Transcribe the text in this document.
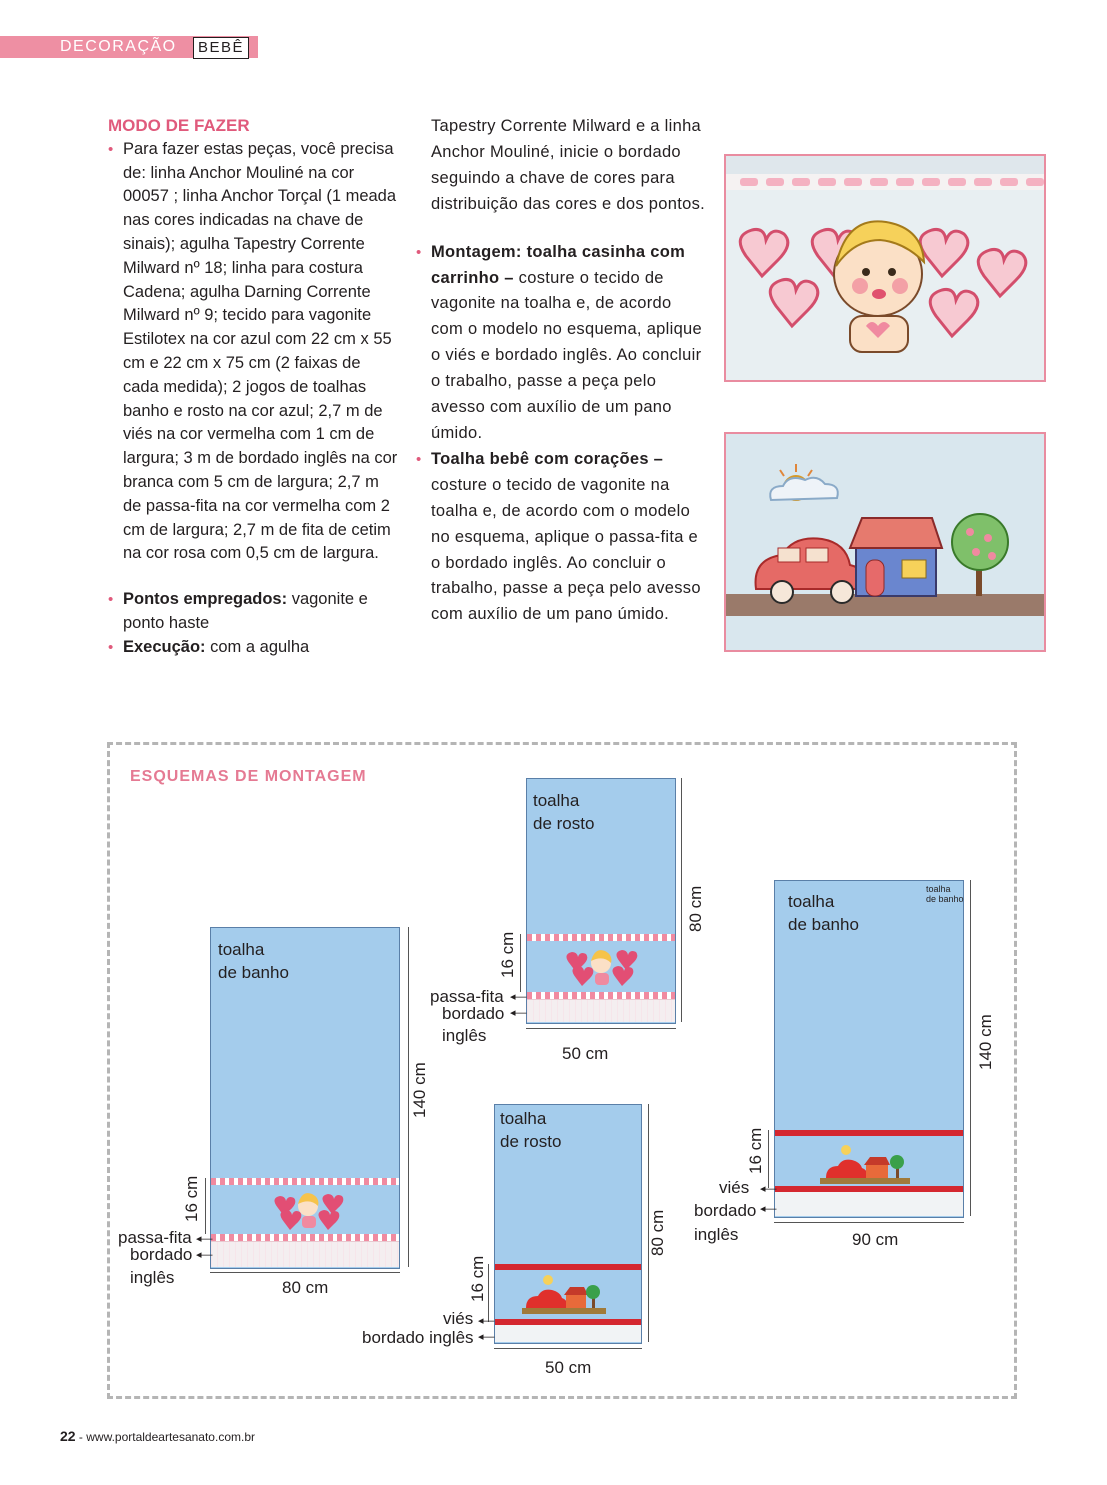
DECORAÇÃO	BEBÊ
MODO DE FAZER
• Para fazer estas peças, você precisa de: linha Anchor Mouliné na cor 00057 ; linha Anchor Torçal (1 meada nas cores indicadas na chave de sinais); agulha Tapestry Corrente Milward nº 18; linha para costura Cadena; agulha Darning Corrente Milward nº 9; tecido para vagonite Estilotex na cor azul com 22 cm x 55 cm e 22 cm x 75 cm (2 faixas de cada medida); 2 jogos de toalhas banho e rosto na cor azul; 2,7 m de viés na cor vermelha com 1 cm de largura; 3 m de bordado inglês na cor branca com 5 cm de largura; 2,7 m de passa-fita na cor vermelha com 2 cm de largura; 2,7 m de fita de cetim na cor rosa com 0,5 cm de largura.
• Pontos empregados: vagonite e ponto haste
• Execução: com a agulha
Tapestry Corrente Milward e a linha Anchor Mouliné, inicie o bordado seguindo a chave de cores para distribuição das cores e dos pontos.
• Montagem: toalha casinha com carrinho – costure o tecido de vagonite na toalha e, de acordo com o modelo no esquema, aplique o viés e bordado inglês. Ao concluir o trabalho, passe a peça pelo avesso com auxílio de um pano úmido.
• Toalha bebê com corações – costure o tecido de vagonite na toalha e, de acordo com o modelo no esquema, aplique o passa-fita e o bordado inglês. Ao concluir o trabalho, passe a peça pelo avesso com auxílio de um pano úmido.
ESQUEMAS DE MONTAGEM
toalha
de banho
140 cm
16 cm
80 cm
passa-fita ◂—
bordado ◂—
inglês
toalha
de rosto
80 cm
16 cm
50 cm
passa-fita ◂—
bordado ◂—
inglês
toalha
de rosto
80 cm
16 cm
50 cm
viés ◂—
bordado inglês ◂—
toalha
de banho
toalha
de banho
140 cm
16 cm
90 cm
viés ◂—
bordado ◂—
inglês
22 - www.portaldeartesanato.com.br
